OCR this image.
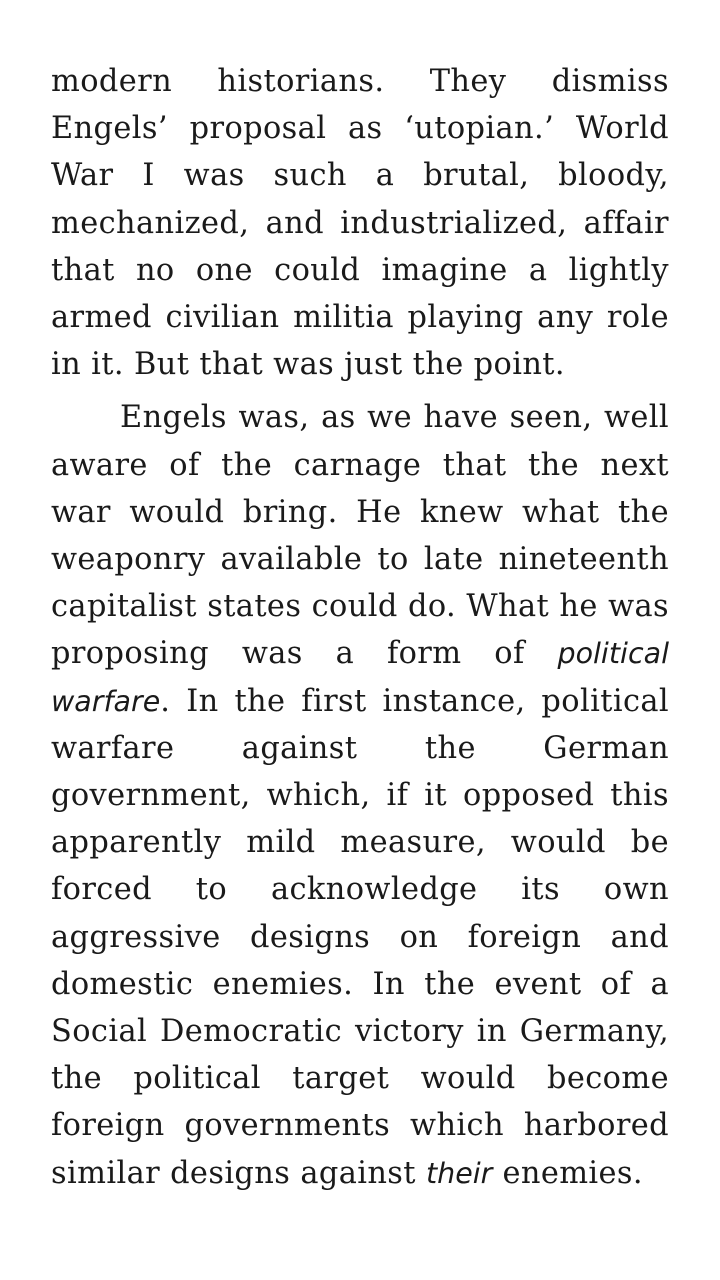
modern historians. They dismiss Engels’ proposal as ‘utopian.’ World War I was such a brutal, bloody, mechanized, and industrialized, affair that no one could imagine a lightly armed civilian militia playing any role in it. But that was just the point.

Engels was, as we have seen, well aware of the carnage that the next war would bring. He knew what the weaponry available to late nineteenth capitalist states could do. What he was proposing was a form of political warfare. In the first instance, political warfare against the German government, which, if it opposed this apparently mild measure, would be forced to acknowledge its own aggressive designs on foreign and domestic enemies. In the event of a Social Democratic victory in Germany, the political target would become foreign governments which harbored similar designs against their enemies.
